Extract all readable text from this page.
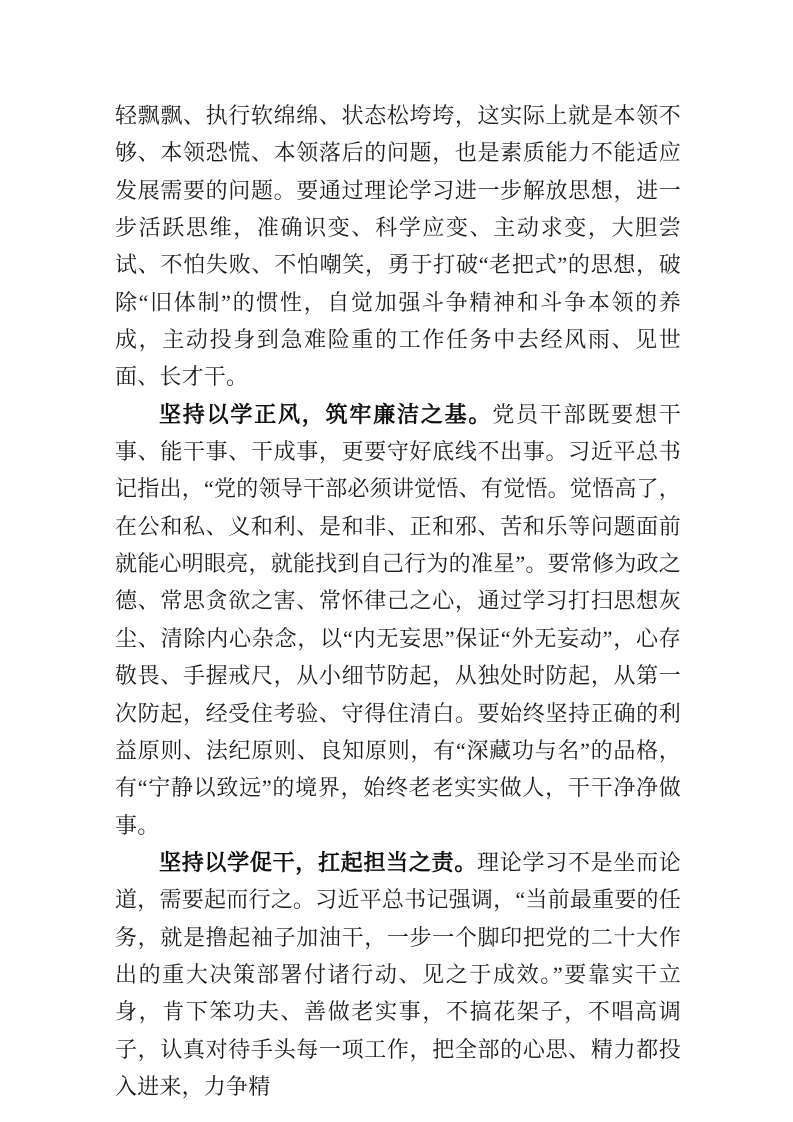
轻飘飘、执行软绵绵、状态松垮垮，这实际上就是本领不够、本领恐慌、本领落后的问题，也是素质能力不能适应发展需要的问题。要通过理论学习进一步解放思想，进一步活跃思维，准确识变、科学应变、主动求变，大胆尝试、不怕失败、不怕嘲笑，勇于打破“老把式”的思想，破除“旧体制”的惯性，自觉加强斗争精神和斗争本领的养成，主动投身到急难险重的工作任务中去经风雨、见世面、长才干。

坚持以学正风，筑牢廉洁之基。党员干部既要想干事、能干事、干成事，更要守好底线不出事。习近平总书记指出，“党的领导干部必须讲觉悟、有觉悟。觉悟高了，在公和私、义和利、是和非、正和邪、苦和乐等问题面前就能心明眼亮，就能找到自己行为的准星”。要常修为政之德、常思贪欲之害、常怀律己之心，通过学习打扫思想灰尘、清除内心杂念，以“内无妄思”保证“外无妄动”，心存敬畏、手握戒尺，从小细节防起，从独处时防起，从第一次防起，经受住考验、守得住清白。要始终坚持正确的利益原则、法纪原则、良知原则，有“深藏功与名”的品格，有“宁静以致远”的境界，始终老老实实做人，干干净净做事。

坚持以学促干，扛起担当之责。理论学习不是坐而论道，需要起而行之。习近平总书记强调，“当前最重要的任务，就是撸起袖子加油干，一步一个脚印把党的二十大作出的重大决策部署付诸行动、见之于成效。”要靠实干立身，肯下笨功夫、善做老实事，不搞花架子，不唱高调子，认真对待手头每一项工作，把全部的心思、精力都投入进来，力争精
